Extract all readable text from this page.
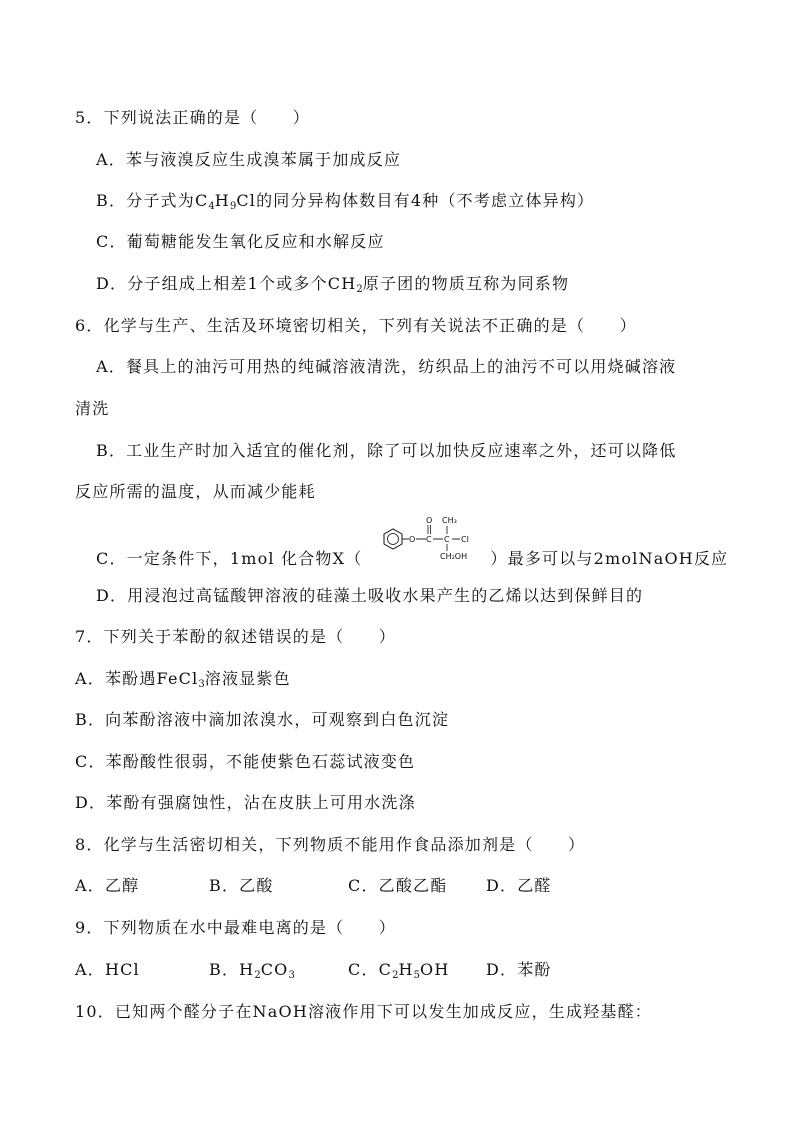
5．下列说法正确的是（　　）
A．苯与液溴反应生成溴苯属于加成反应
B．分子式为$C_4H_9Cl$的同分异构体数目有4种（不考虑立体异构）
C．葡萄糖能发生氧化反应和水解反应
D．分子组成上相差1个或多个$CH_2$原子团的物质互称为同系物
6．化学与生产、生活及环境密切相关，下列有关说法不正确的是（　　）
A．餐具上的油污可用热的纯碱溶液清洗，纺织品上的油污不可以用烧碱溶液
清洗
B．工业生产时加入适宜的催化剂，除了可以加快反应速率之外，还可以降低
反应所需的温度，从而减少能耗
C．一定条件下，1mol 化合物X（	）最多可以与2molNaOH反应
O C
O
C
CH₃
Cl
CH₂OH
D．用浸泡过高锰酸钾溶液的硅藻土吸收水果产生的乙烯以达到保鲜目的
7．下列关于苯酚的叙述错误的是（　　）
A．苯酚遇FeCl$_3$溶液显紫色
B．向苯酚溶液中滴加浓溴水，可观察到白色沉淀
C．苯酚酸性很弱，不能使紫色石蕊试液变色
D．苯酚有强腐蚀性，沾在皮肤上可用水洗涤
8．化学与生活密切相关，下列物质不能用作食品添加剂是（　　）
A．乙醇	B．乙酸	C．乙酸乙酯 D．乙醛
9．下列物质在水中最难电离的是（　　）
A．HCl	B．$H_2CO_3$	C．$C_2H_5OH$ D．苯酚
10．已知两个醛分子在NaOH溶液作用下可以发生加成反应，生成羟基醛：
